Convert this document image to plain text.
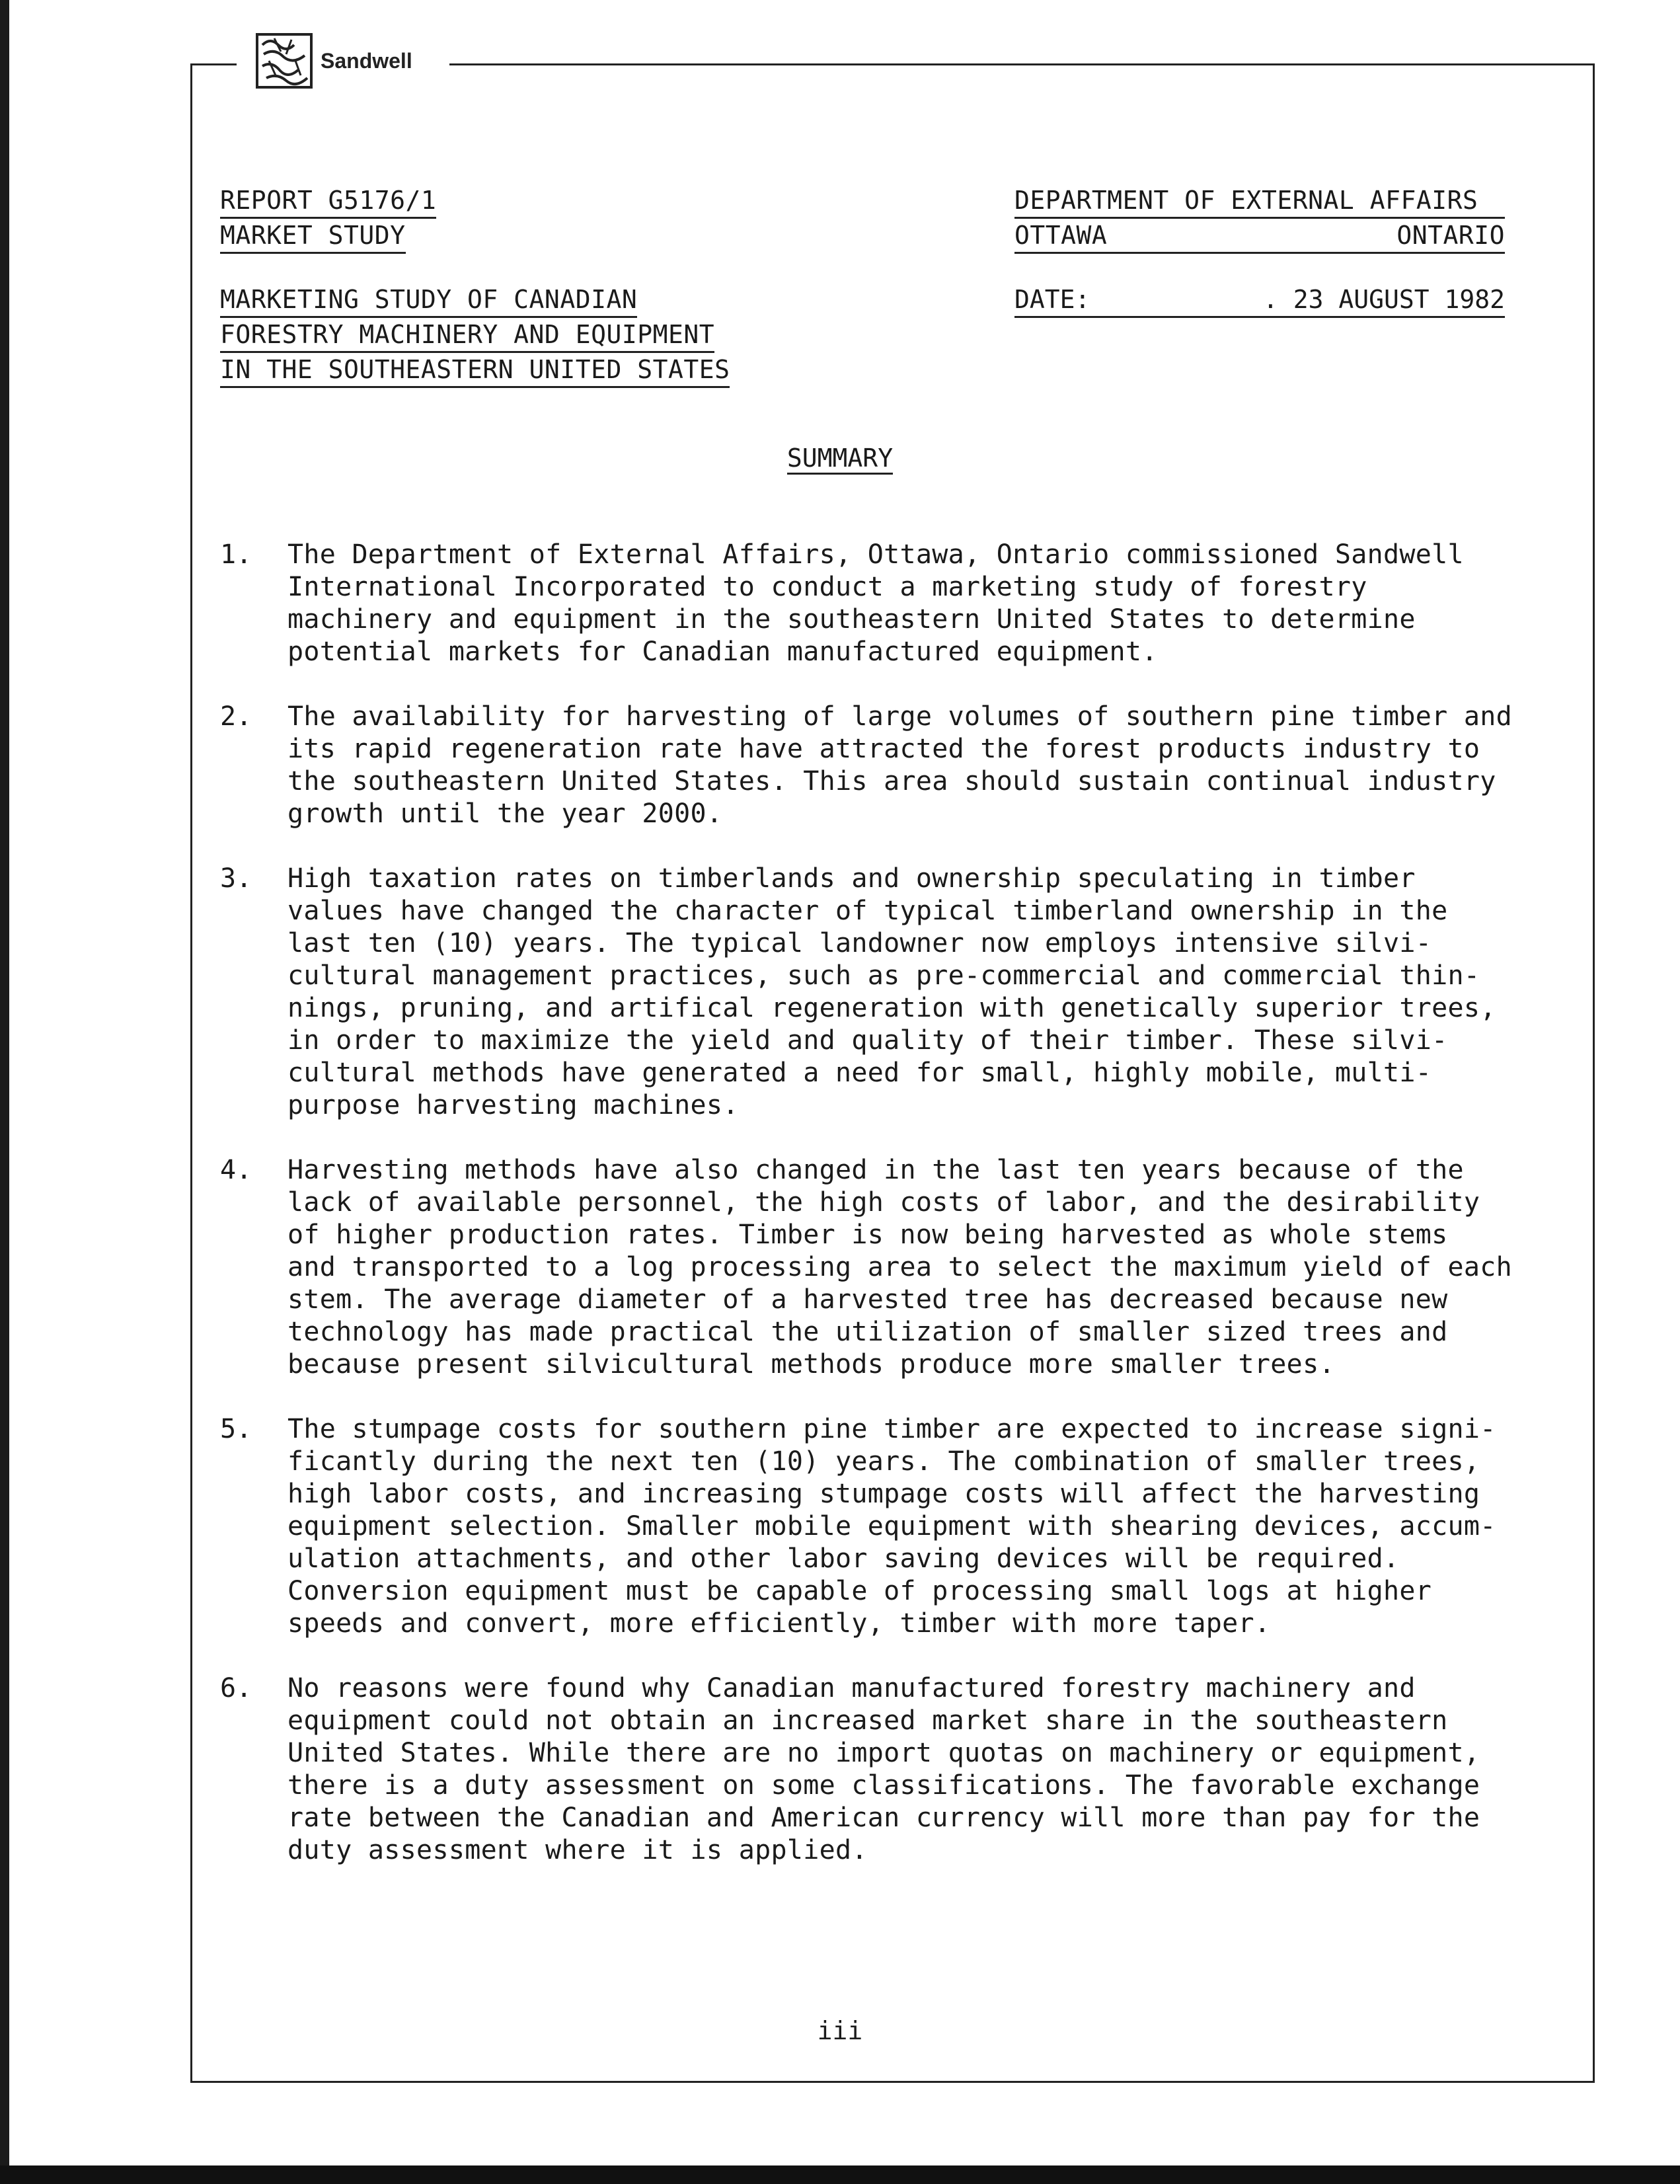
Sandwell
REPORT G5176/1
MARKET STUDY
MARKETING STUDY OF CANADIAN
FORESTRY MACHINERY AND EQUIPMENT
IN THE SOUTHEASTERN UNITED STATES
DEPARTMENT OF EXTERNAL AFFAIRS
OTTAWA	ONTARIO
DATE:	. 23 AUGUST 1982
SUMMARY
1.	The Department of External Affairs, Ottawa, Ontario commissioned Sandwell
International Incorporated to conduct a marketing study of forestry
machinery and equipment in the southeastern United States to determine
potential markets for Canadian manufactured equipment.
2.	The availability for harvesting of large volumes of southern pine timber and
its rapid regeneration rate have attracted the forest products industry to
the southeastern United States. This area should sustain continual industry
growth until the year 2000.
3.	High taxation rates on timberlands and ownership speculating in timber
values have changed the character of typical timberland ownership in the
last ten (10) years. The typical landowner now employs intensive silvi-
cultural management practices, such as pre-commercial and commercial thin-
nings, pruning, and artifical regeneration with genetically superior trees,
in order to maximize the yield and quality of their timber. These silvi-
cultural methods have generated a need for small, highly mobile, multi-
purpose harvesting machines.
4.	Harvesting methods have also changed in the last ten years because of the
lack of available personnel, the high costs of labor, and the desirability
of higher production rates. Timber is now being harvested as whole stems
and transported to a log processing area to select the maximum yield of each
stem. The average diameter of a harvested tree has decreased because new
technology has made practical the utilization of smaller sized trees and
because present silvicultural methods produce more smaller trees.
5.	The stumpage costs for southern pine timber are expected to increase signi-
ficantly during the next ten (10) years. The combination of smaller trees,
high labor costs, and increasing stumpage costs will affect the harvesting
equipment selection. Smaller mobile equipment with shearing devices, accum-
ulation attachments, and other labor saving devices will be required.
Conversion equipment must be capable of processing small logs at higher
speeds and convert, more efficiently, timber with more taper.
6.	No reasons were found why Canadian manufactured forestry machinery and
equipment could not obtain an increased market share in the southeastern
United States. While there are no import quotas on machinery or equipment,
there is a duty assessment on some classifications. The favorable exchange
rate between the Canadian and American currency will more than pay for the
duty assessment where it is applied.
iii
